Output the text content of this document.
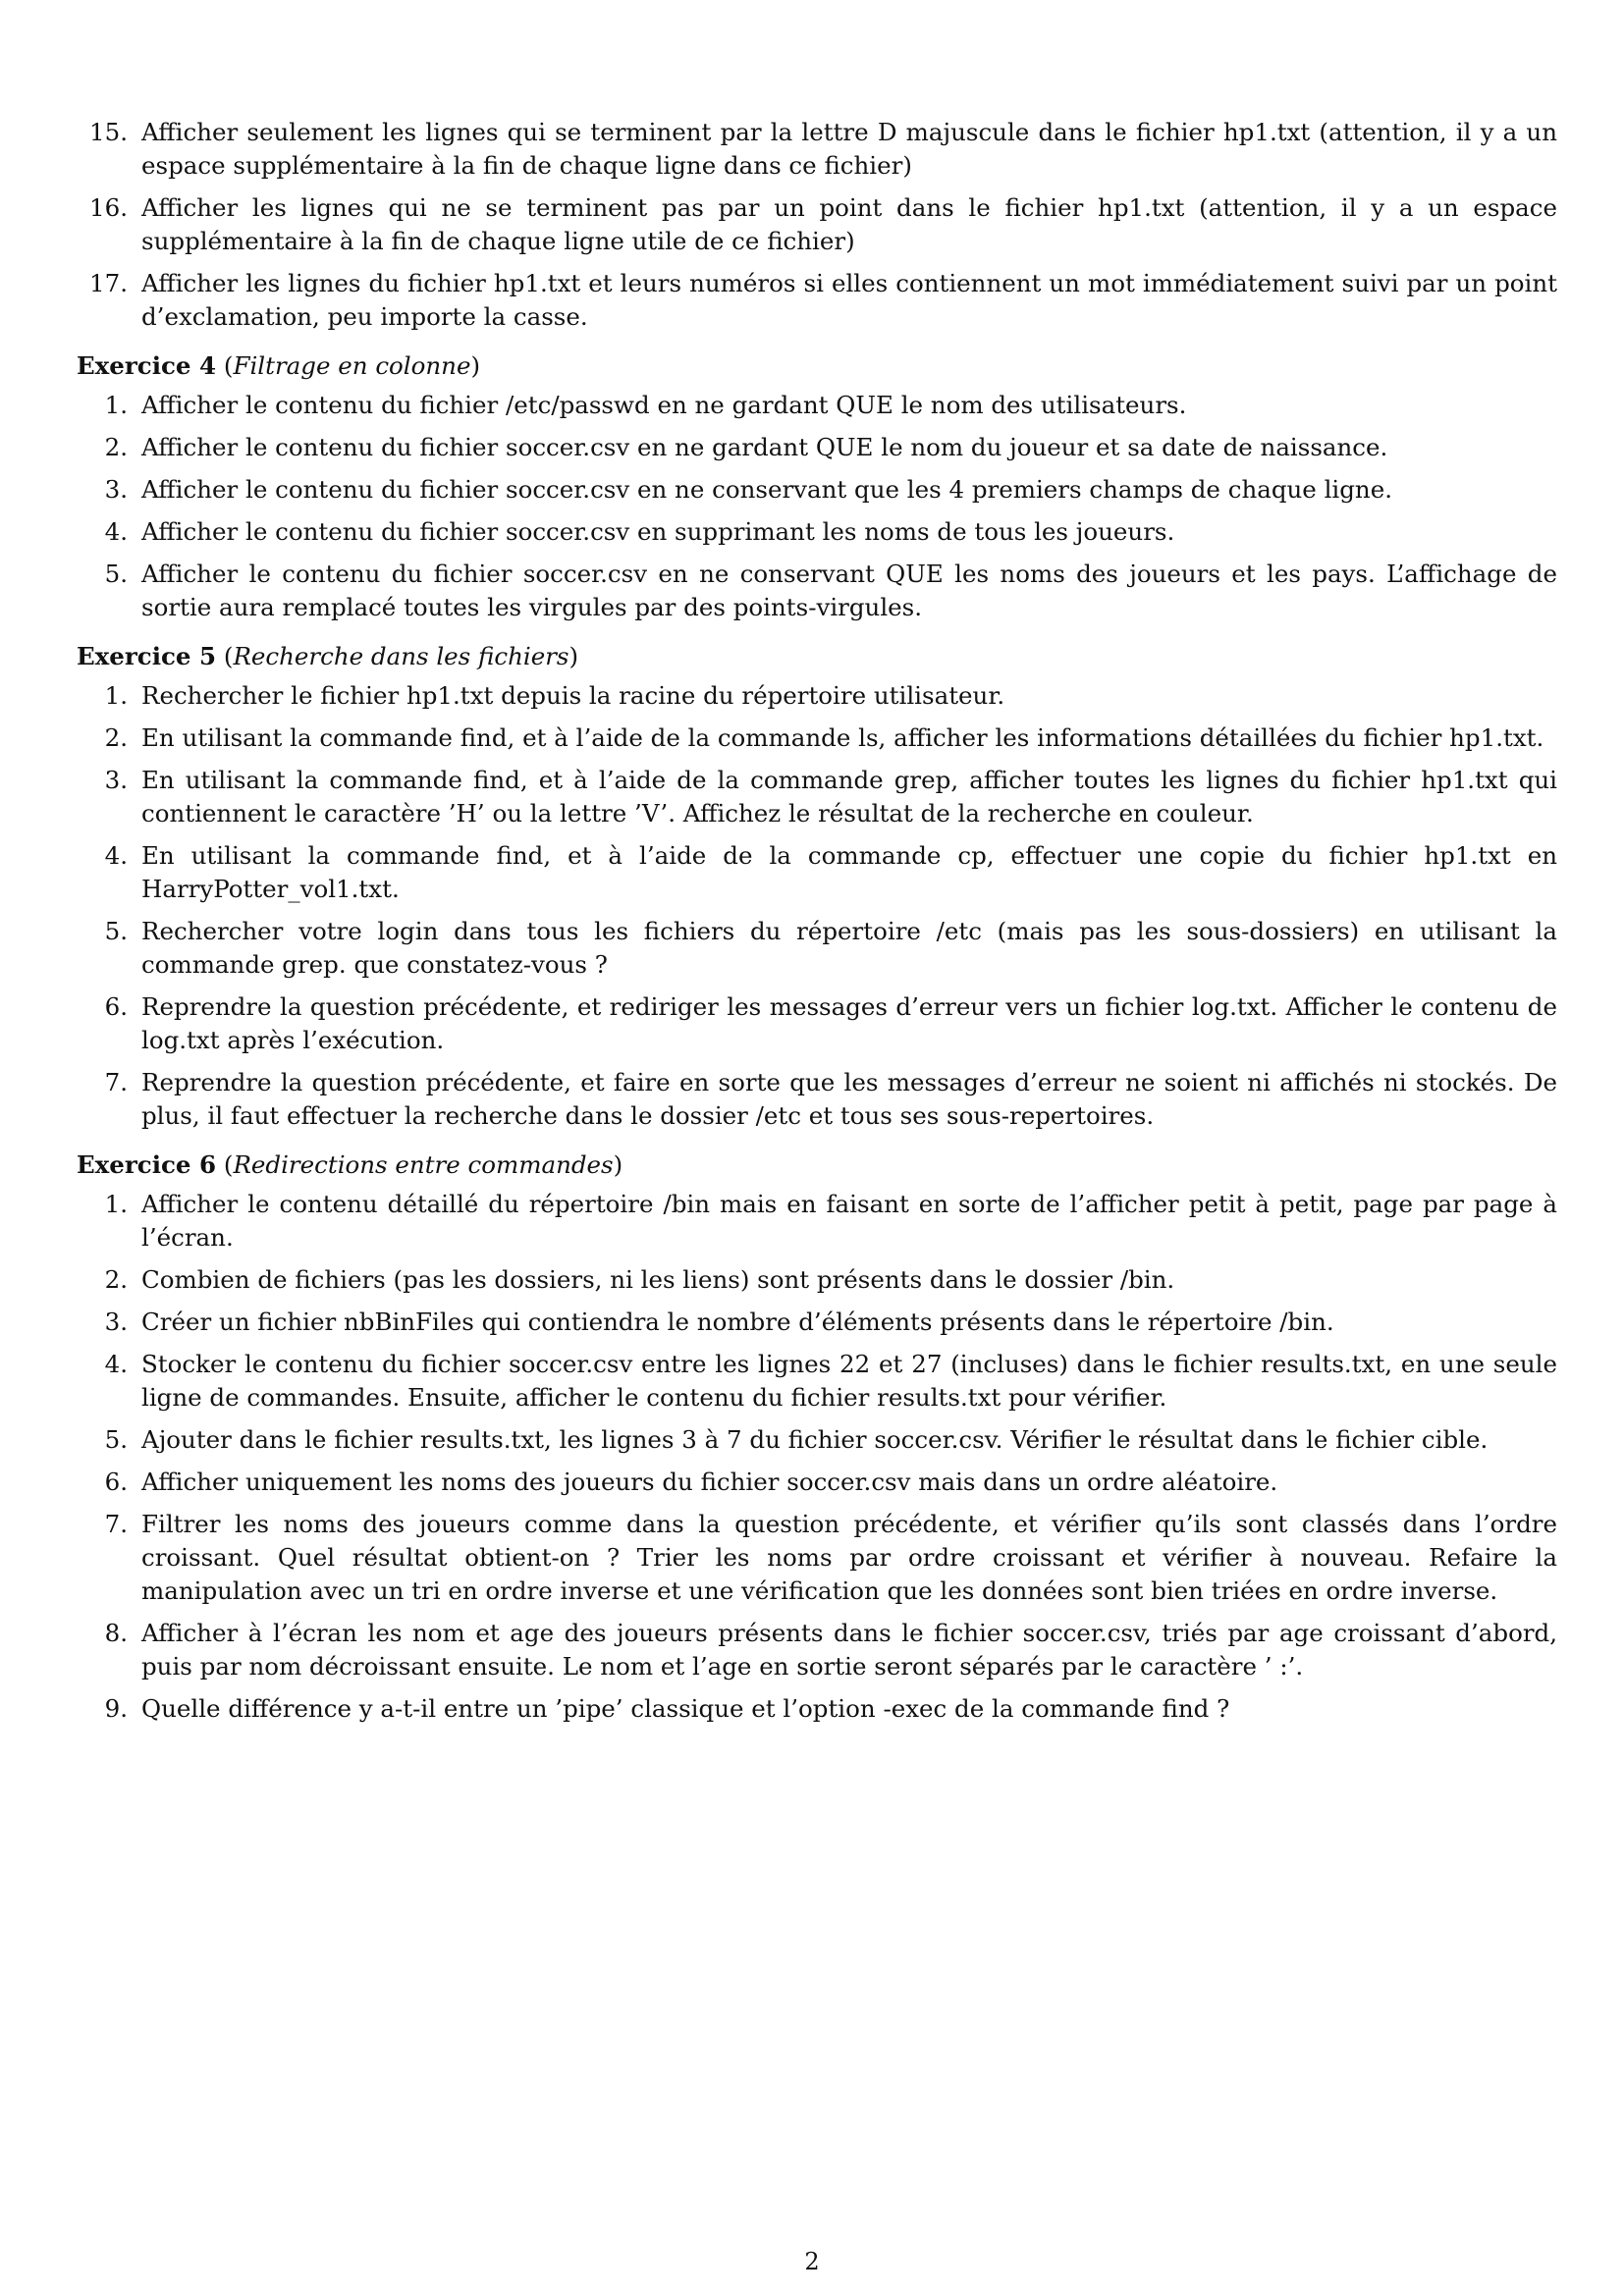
15. Afficher seulement les lignes qui se terminent par la lettre D majuscule dans le fichier hp1.txt (attention, il y a un espace supplémentaire à la fin de chaque ligne dans ce fichier)
16. Afficher les lignes qui ne se terminent pas par un point dans le fichier hp1.txt (attention, il y a un espace supplémentaire à la fin de chaque ligne utile de ce fichier)
17. Afficher les lignes du fichier hp1.txt et leurs numéros si elles contiennent un mot immédiatement suivi par un point d’exclamation, peu importe la casse.
Exercice 4 (Filtrage en colonne)
1. Afficher le contenu du fichier /etc/passwd en ne gardant QUE le nom des utilisateurs.
2. Afficher le contenu du fichier soccer.csv en ne gardant QUE le nom du joueur et sa date de naissance.
3. Afficher le contenu du fichier soccer.csv en ne conservant que les 4 premiers champs de chaque ligne.
4. Afficher le contenu du fichier soccer.csv en supprimant les noms de tous les joueurs.
5. Afficher le contenu du fichier soccer.csv en ne conservant QUE les noms des joueurs et les pays. L’affichage de sortie aura remplacé toutes les virgules par des points-virgules.
Exercice 5 (Recherche dans les fichiers)
1. Rechercher le fichier hp1.txt depuis la racine du répertoire utilisateur.
2. En utilisant la commande find, et à l’aide de la commande ls, afficher les informations détaillées du fichier hp1.txt.
3. En utilisant la commande find, et à l’aide de la commande grep, afficher toutes les lignes du fichier hp1.txt qui contiennent le caractère ’H’ ou la lettre ’V’. Affichez le résultat de la recherche en couleur.
4. En utilisant la commande find, et à l’aide de la commande cp, effectuer une copie du fichier hp1.txt en HarryPotter_vol1.txt.
5. Rechercher votre login dans tous les fichiers du répertoire /etc (mais pas les sous-dossiers) en utilisant la commande grep. que constatez-vous ?
6. Reprendre la question précédente, et rediriger les messages d’erreur vers un fichier log.txt. Afficher le contenu de log.txt après l’exécution.
7. Reprendre la question précédente, et faire en sorte que les messages d’erreur ne soient ni affichés ni stockés. De plus, il faut effectuer la recherche dans le dossier /etc et tous ses sous-repertoires.
Exercice 6 (Redirections entre commandes)
1. Afficher le contenu détaillé du répertoire /bin mais en faisant en sorte de l’afficher petit à petit, page par page à l’écran.
2. Combien de fichiers (pas les dossiers, ni les liens) sont présents dans le dossier /bin.
3. Créer un fichier nbBinFiles qui contiendra le nombre d’éléments présents dans le répertoire /bin.
4. Stocker le contenu du fichier soccer.csv entre les lignes 22 et 27 (incluses) dans le fichier results.txt, en une seule ligne de commandes. Ensuite, afficher le contenu du fichier results.txt pour vérifier.
5. Ajouter dans le fichier results.txt, les lignes 3 à 7 du fichier soccer.csv. Vérifier le résultat dans le fichier cible.
6. Afficher uniquement les noms des joueurs du fichier soccer.csv mais dans un ordre aléatoire.
7. Filtrer les noms des joueurs comme dans la question précédente, et vérifier qu’ils sont classés dans l’ordre croissant. Quel résultat obtient-on ? Trier les noms par ordre croissant et vérifier à nouveau. Refaire la manipulation avec un tri en ordre inverse et une vérification que les données sont bien triées en ordre inverse.
8. Afficher à l’écran les nom et age des joueurs présents dans le fichier soccer.csv, triés par age croissant d’abord, puis par nom décroissant ensuite. Le nom et l’age en sortie seront séparés par le caractère ’ :’.
9. Quelle différence y a-t-il entre un ’pipe’ classique et l’option -exec de la commande find ?
2
